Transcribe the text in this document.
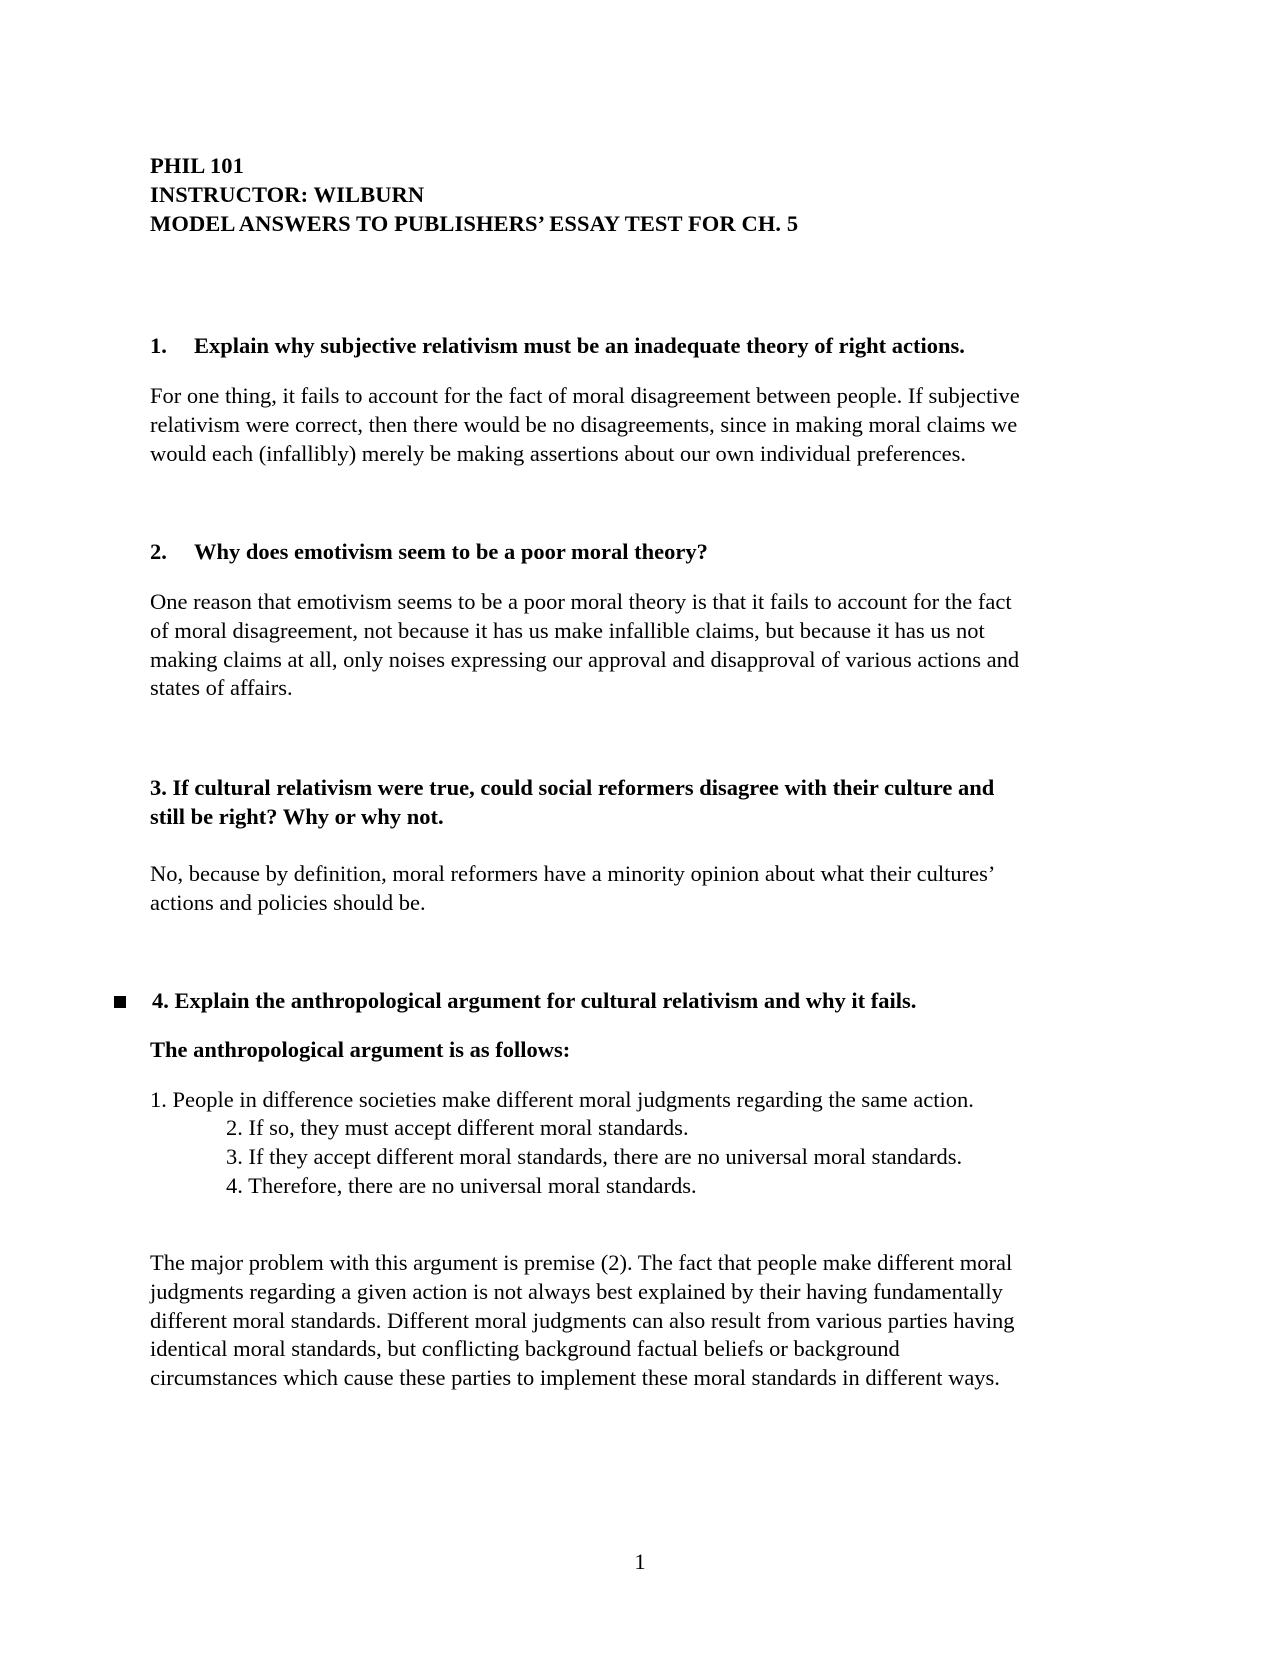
PHIL 101
INSTRUCTOR: WILBURN
MODEL ANSWERS TO PUBLISHERS’ ESSAY TEST FOR CH. 5
1. Explain why subjective relativism must be an inadequate theory of right actions.
For one thing, it fails to account for the fact of moral disagreement between people. If subjective
relativism were correct, then there would be no disagreements, since in making moral claims we
would each (infallibly) merely be making assertions about our own individual preferences.
2. Why does emotivism seem to be a poor moral theory?
One reason that emotivism seems to be a poor moral theory is that it fails to account for the fact
of moral disagreement, not because it has us make infallible claims, but because it has us not
making claims at all, only noises expressing our approval and disapproval of various actions and
states of affairs.
3. If cultural relativism were true, could social reformers disagree with their culture and
still be right? Why or why not.
No, because by definition, moral reformers have a minority opinion about what their cultures’
actions and policies should be.
4. Explain the anthropological argument for cultural relativism and why it fails.
The anthropological argument is as follows:
1. People in difference societies make different moral judgments regarding the same action.
2. If so, they must accept different moral standards.
3. If they accept different moral standards, there are no universal moral standards.
4. Therefore, there are no universal moral standards.
The major problem with this argument is premise (2). The fact that people make different moral
judgments regarding a given action is not always best explained by their having fundamentally
different moral standards. Different moral judgments can also result from various parties having
identical moral standards, but conflicting background factual beliefs or background
circumstances which cause these parties to implement these moral standards in different ways.
1
